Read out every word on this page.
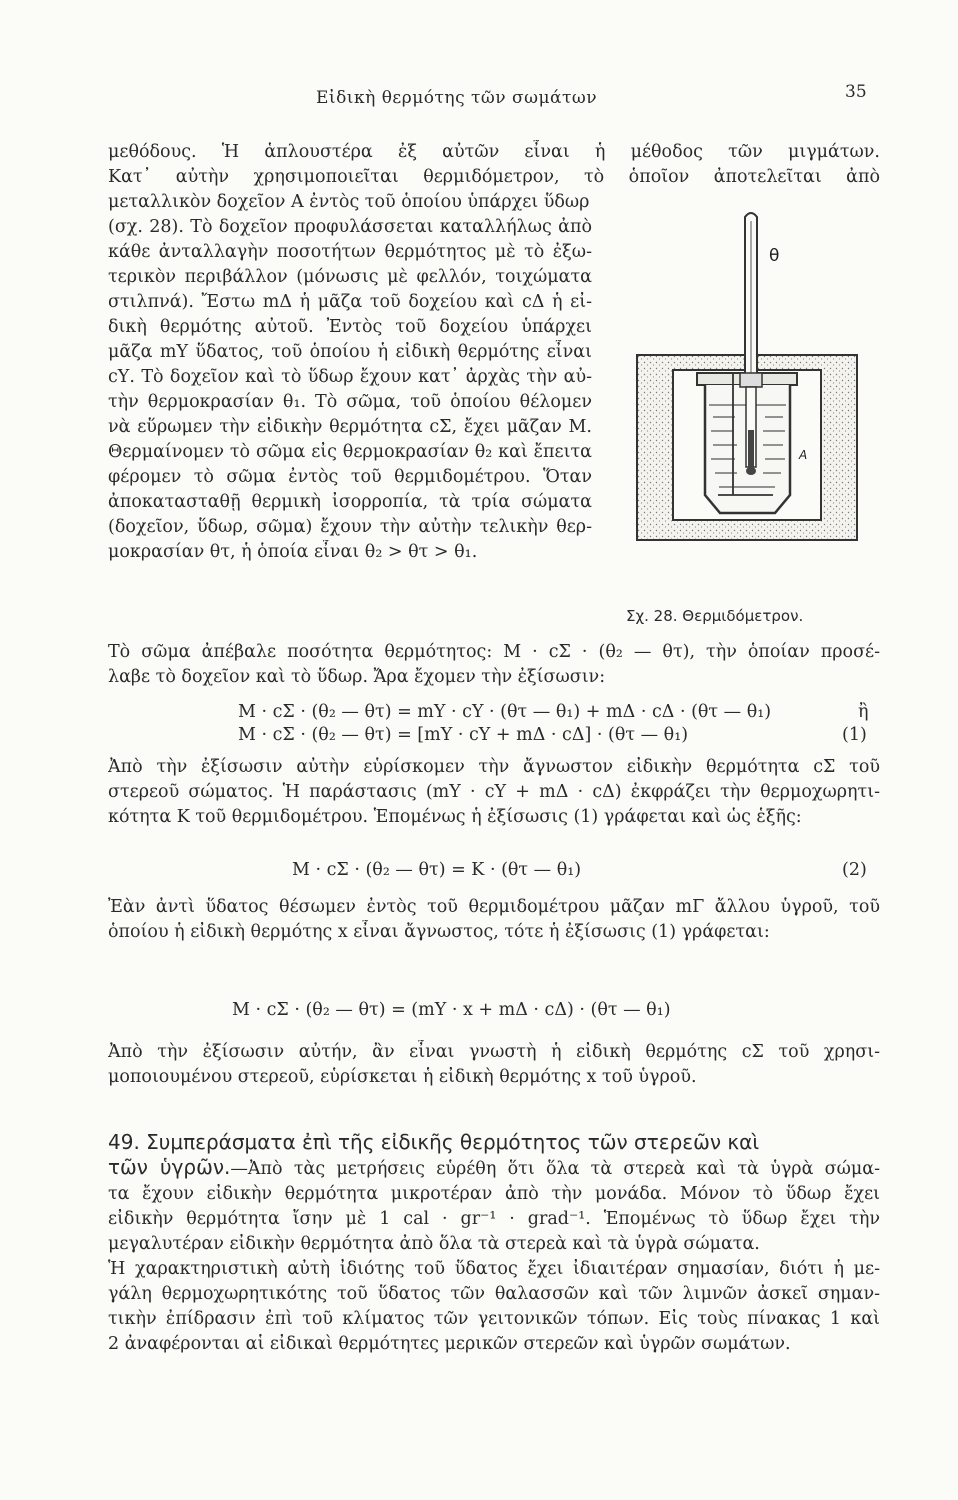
Εἰδικὴ θερμότης τῶν σωμάτων	35
μεθόδους. Ἡ ἁπλουστέρα ἐξ αὐτῶν εἶναι ἡ μέθοδος τῶν μιγμάτων.
Κατ᾽ αὐτὴν χρησιμοποιεῖται θερμιδόμετρον, τὸ ὁποῖον ἀποτελεῖται ἀπὸ
μεταλλικὸν δοχεῖον Α ἐντὸς τοῦ ὁποίου ὑπάρχει ὕδωρ
(σχ. 28). Τὸ δοχεῖον προφυλάσσεται καταλλήλως ἀπὸ
κάθε ἀνταλλαγὴν ποσοτήτων θερμότητος μὲ τὸ ἐξω-
τερικὸν περιβάλλον (μόνωσις μὲ φελλόν, τοιχώματα
στιλπνά). Ἔστω mΔ ἡ μᾶζα τοῦ δοχείου καὶ cΔ ἡ εἰ-
δικὴ θερμότης αὐτοῦ. Ἐντὸς τοῦ δοχείου ὑπάρχει
μᾶζα mΥ ὕδατος, τοῦ ὁποίου ἡ εἰδικὴ θερμότης εἶναι
cΥ. Τὸ δοχεῖον καὶ τὸ ὕδωρ ἔχουν κατ᾽ ἀρχὰς τὴν αὐ-
τὴν θερμοκρασίαν θ₁. Τὸ σῶμα, τοῦ ὁποίου θέλομεν
νὰ εὕρωμεν τὴν εἰδικὴν θερμότητα cΣ, ἔχει μᾶζαν Μ.
Θερμαίνομεν τὸ σῶμα εἰς θερμοκρασίαν θ₂ καὶ ἔπειτα
φέρομεν τὸ σῶμα ἐντὸς τοῦ θερμιδομέτρου. Ὅταν
ἀποκατασταθῇ θερμικὴ ἰσορροπία, τὰ τρία σώματα
(δοχεῖον, ὕδωρ, σῶμα) ἔχουν τὴν αὐτὴν τελικὴν θερ-
μοκρασίαν θτ, ἡ ὁποία εἶναι θ₂ > θτ > θ₁.
θ
Α
Σχ. 28. Θερμιδόμετρον.
Τὸ σῶμα ἀπέβαλε ποσότητα θερμότητος: Μ · cΣ · (θ₂ — θτ), τὴν ὁποίαν προσέ-
λαβε τὸ δοχεῖον καὶ τὸ ὕδωρ. Ἄρα ἔχομεν τὴν ἐξίσωσιν:
Μ · cΣ · (θ₂ — θτ) = mΥ · cΥ · (θτ — θ₁) + mΔ · cΔ · (θτ — θ₁)	ἢ
Μ · cΣ · (θ₂ — θτ) = [mΥ · cΥ + mΔ · cΔ] · (θτ — θ₁)	(1)
Ἀπὸ τὴν ἐξίσωσιν αὐτὴν εὑρίσκομεν τὴν ἄγνωστον εἰδικὴν θερμότητα cΣ τοῦ
στερεοῦ σώματος. Ἡ παράστασις (mΥ · cΥ + mΔ · cΔ) ἐκφράζει τὴν θερμοχωρητι-
κότητα Κ τοῦ θερμιδομέτρου. Ἑπομένως ἡ ἐξίσωσις (1) γράφεται καὶ ὡς ἑξῆς:
Μ · cΣ · (θ₂ — θτ) = Κ · (θτ — θ₁)	(2)
Ἐὰν ἀντὶ ὕδατος θέσωμεν ἐντὸς τοῦ θερμιδομέτρου μᾶζαν mΓ ἄλλου ὑγροῦ, τοῦ
ὁποίου ἡ εἰδικὴ θερμότης x εἶναι ἄγνωστος, τότε ἡ ἐξίσωσις (1) γράφεται:
Μ · cΣ · (θ₂ — θτ) = (mΥ · x + mΔ · cΔ) · (θτ — θ₁)
Ἀπὸ τὴν ἐξίσωσιν αὐτήν, ἂν εἶναι γνωστὴ ἡ εἰδικὴ θερμότης cΣ τοῦ χρησι-
μοποιουμένου στερεοῦ, εὑρίσκεται ἡ εἰδικὴ θερμότης x τοῦ ὑγροῦ.
49. Συμπεράσματα ἐπὶ τῆς εἰδικῆς θερμότητος τῶν στερεῶν καὶ
τῶν ὑγρῶν.—Ἀπὸ τὰς μετρήσεις εὑρέθη ὅτι ὅλα τὰ στερεὰ καὶ τὰ ὑγρὰ σώμα-
τα ἔχουν εἰδικὴν θερμότητα μικροτέραν ἀπὸ τὴν μονάδα. Μόνον τὸ ὕδωρ ἔχει
εἰδικὴν θερμότητα ἴσην μὲ 1 cal · gr⁻¹ · grad⁻¹. Ἑπομένως τὸ ὕδωρ ἔχει τὴν
μεγαλυτέραν εἰδικὴν θερμότητα ἀπὸ ὅλα τὰ στερεὰ καὶ τὰ ὑγρὰ σώματα.
Ἡ χαρακτηριστικὴ αὐτὴ ἰδιότης τοῦ ὕδατος ἔχει ἰδιαιτέραν σημασίαν, διότι ἡ με-
γάλη θερμοχωρητικότης τοῦ ὕδατος τῶν θαλασσῶν καὶ τῶν λιμνῶν ἀσκεῖ σημαν-
τικὴν ἐπίδρασιν ἐπὶ τοῦ κλίματος τῶν γειτονικῶν τόπων. Εἰς τοὺς πίνακας 1 καὶ
2 ἀναφέρονται αἱ εἰδικαὶ θερμότητες μερικῶν στερεῶν καὶ ὑγρῶν σωμάτων.
